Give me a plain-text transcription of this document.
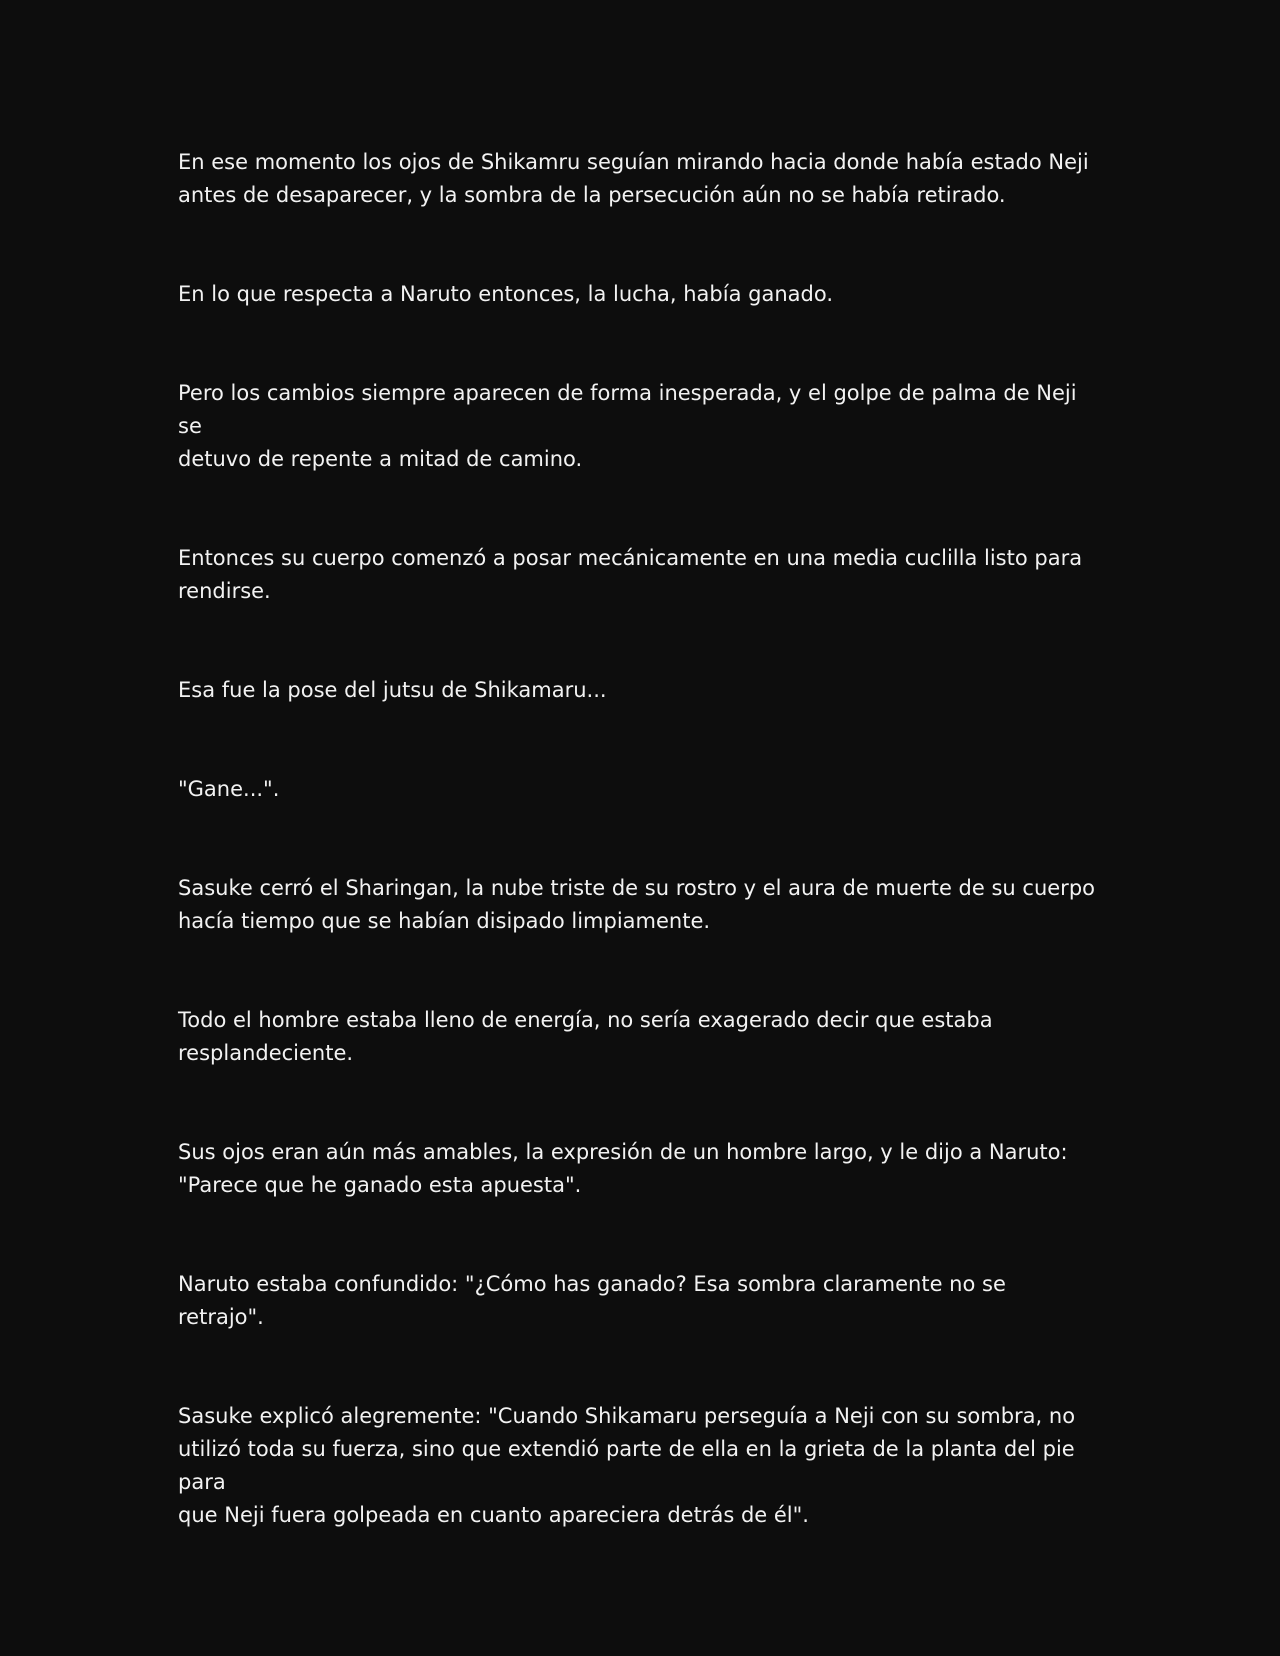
En ese momento los ojos de Shikamru seguían mirando hacia donde había estado Neji
antes de desaparecer, y la sombra de la persecución aún no se había retirado.

En lo que respecta a Naruto entonces, la lucha, había ganado.

Pero los cambios siempre aparecen de forma inesperada, y el golpe de palma de Neji se
detuvo de repente a mitad de camino.

Entonces su cuerpo comenzó a posar mecánicamente en una media cuclilla listo para
rendirse.

Esa fue la pose del jutsu de Shikamaru...

"Gane...".

Sasuke cerró el Sharingan, la nube triste de su rostro y el aura de muerte de su cuerpo
hacía tiempo que se habían disipado limpiamente.

Todo el hombre estaba lleno de energía, no sería exagerado decir que estaba
resplandeciente.

Sus ojos eran aún más amables, la expresión de un hombre largo, y le dijo a Naruto:
"Parece que he ganado esta apuesta".

Naruto estaba confundido: "¿Cómo has ganado? Esa sombra claramente no se retrajo".

Sasuke explicó alegremente: "Cuando Shikamaru perseguía a Neji con su sombra, no
utilizó toda su fuerza, sino que extendió parte de ella en la grieta de la planta del pie para
que Neji fuera golpeada en cuanto apareciera detrás de él".
